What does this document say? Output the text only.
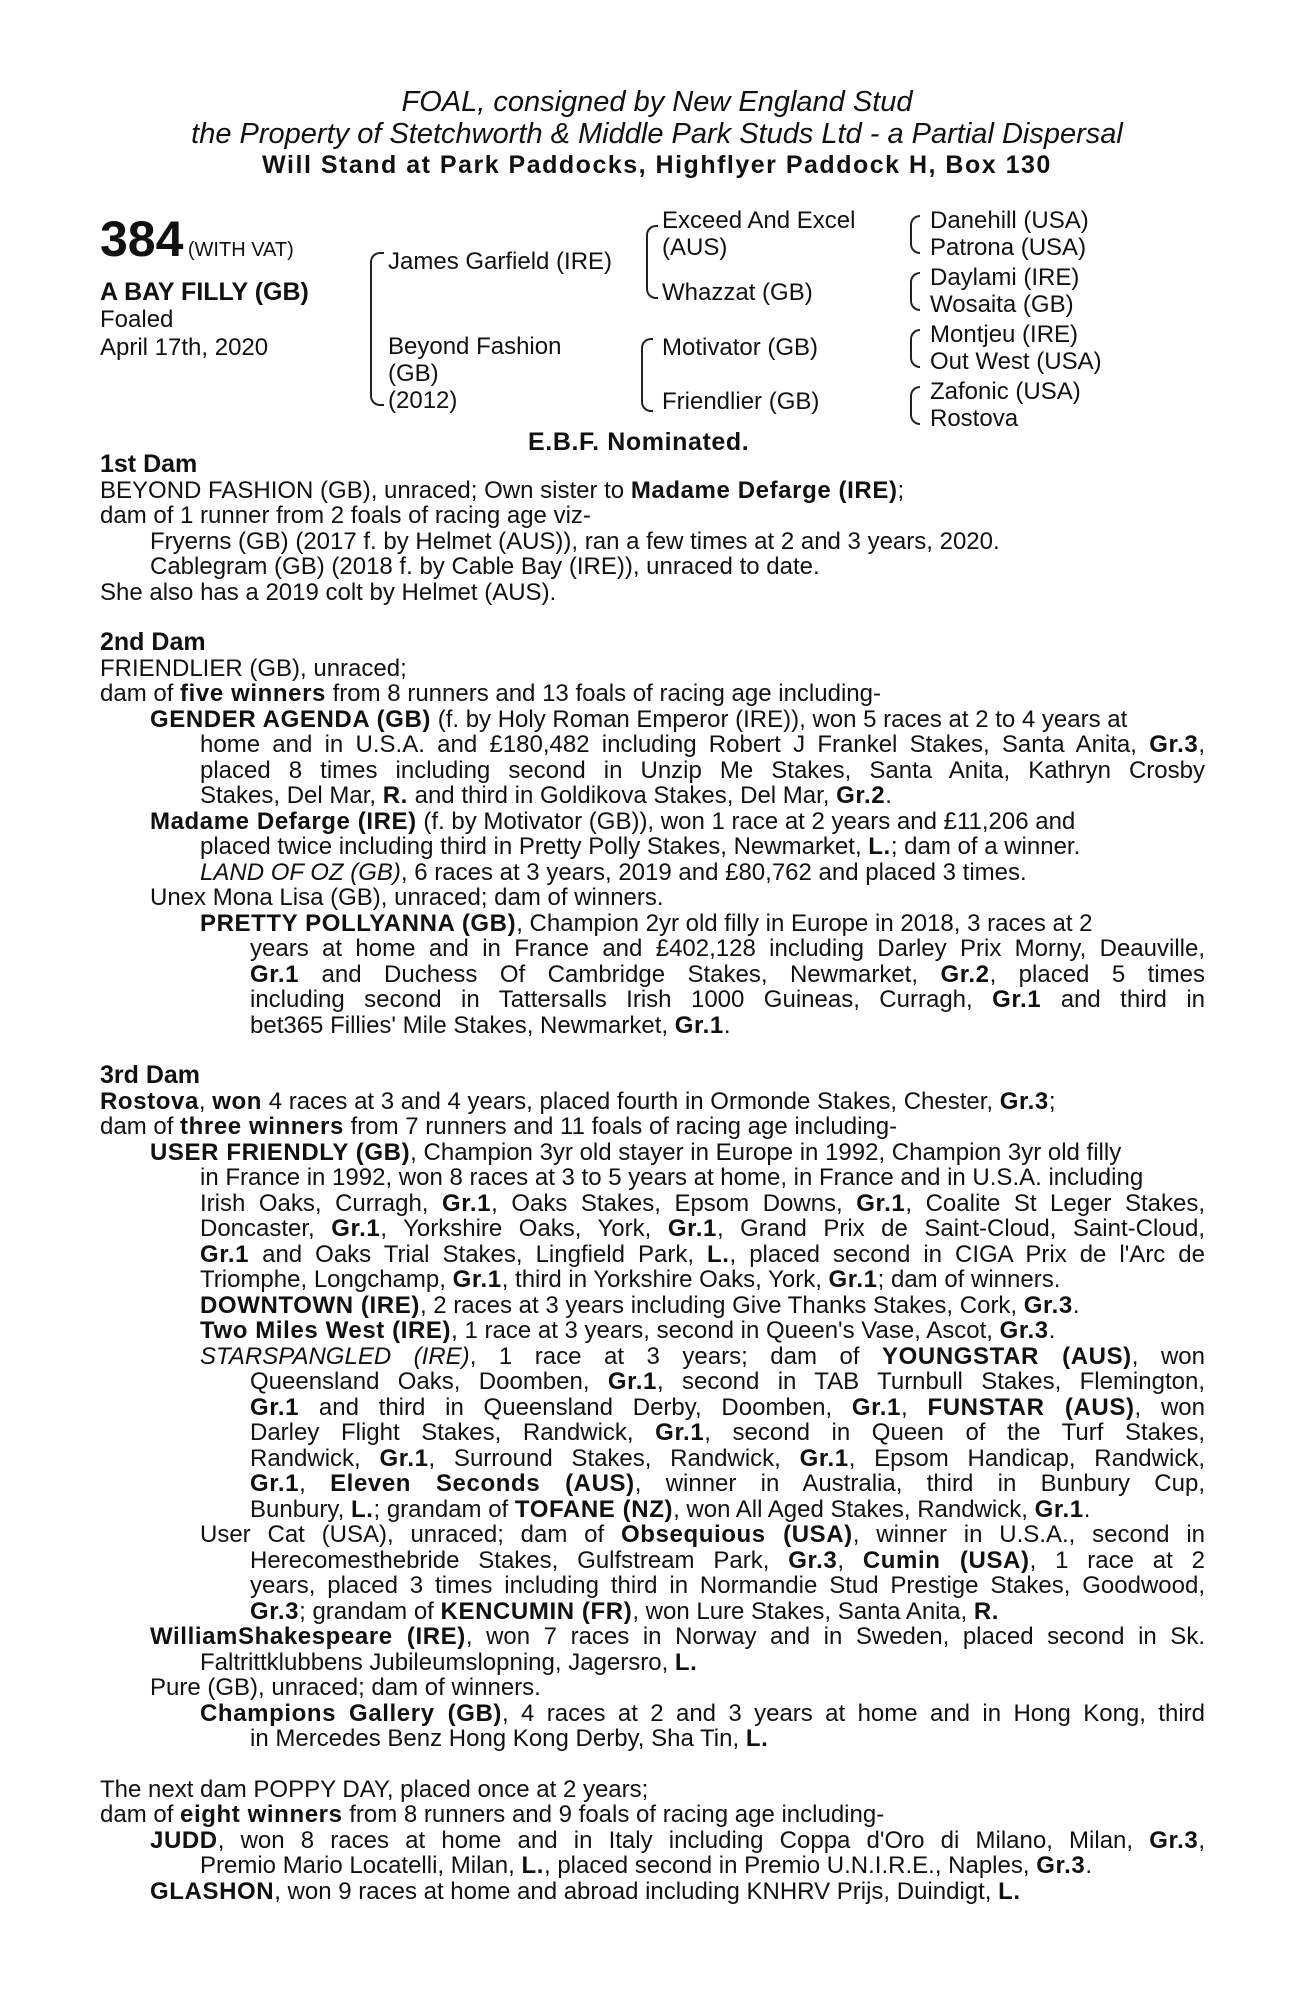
FOAL, consigned by New England Stud
the Property of Stetchworth & Middle Park Studs Ltd - a Partial Dispersal
Will Stand at Park Paddocks, Highflyer Paddock H, Box 130
384 (WITH VAT)
A BAY FILLY (GB)
Foaled
April 17th, 2020
James Garfield (IRE)
Beyond Fashion
(GB)
(2012)
Exceed And Excel
(AUS)
Whazzat (GB)
Motivator (GB)
Friendlier (GB)
Danehill (USA)
Patrona (USA)
Daylami (IRE)
Wosaita (GB)
Montjeu (IRE)
Out West (USA)
Zafonic (USA)
Rostova
E.B.F. Nominated.
1st Dam
BEYOND FASHION (GB), unraced; Own sister to Madame Defarge (IRE);
dam of 1 runner from 2 foals of racing age viz-
Fryerns (GB) (2017 f. by Helmet (AUS)), ran a few times at 2 and 3 years, 2020.
Cablegram (GB) (2018 f. by Cable Bay (IRE)), unraced to date.
She also has a 2019 colt by Helmet (AUS).
2nd Dam
FRIENDLIER (GB), unraced;
dam of five winners from 8 runners and 13 foals of racing age including-
GENDER AGENDA (GB) (f. by Holy Roman Emperor (IRE)), won 5 races at 2 to 4 years at
home and in U.S.A. and £180,482 including Robert J Frankel Stakes, Santa Anita, Gr.3,
placed 8 times including second in Unzip Me Stakes, Santa Anita, Kathryn Crosby
Stakes, Del Mar, R. and third in Goldikova Stakes, Del Mar, Gr.2.
Madame Defarge (IRE) (f. by Motivator (GB)), won 1 race at 2 years and £11,206 and
placed twice including third in Pretty Polly Stakes, Newmarket, L.; dam of a winner.
LAND OF OZ (GB), 6 races at 3 years, 2019 and £80,762 and placed 3 times.
Unex Mona Lisa (GB), unraced; dam of winners.
PRETTY POLLYANNA (GB), Champion 2yr old filly in Europe in 2018, 3 races at 2
years at home and in France and £402,128 including Darley Prix Morny, Deauville,
Gr.1 and Duchess Of Cambridge Stakes, Newmarket, Gr.2, placed 5 times
including second in Tattersalls Irish 1000 Guineas, Curragh, Gr.1 and third in
bet365 Fillies' Mile Stakes, Newmarket, Gr.1.
3rd Dam
Rostova, won 4 races at 3 and 4 years, placed fourth in Ormonde Stakes, Chester, Gr.3;
dam of three winners from 7 runners and 11 foals of racing age including-
USER FRIENDLY (GB), Champion 3yr old stayer in Europe in 1992, Champion 3yr old filly
in France in 1992, won 8 races at 3 to 5 years at home, in France and in U.S.A. including
Irish Oaks, Curragh, Gr.1, Oaks Stakes, Epsom Downs, Gr.1, Coalite St Leger Stakes,
Doncaster, Gr.1, Yorkshire Oaks, York, Gr.1, Grand Prix de Saint-Cloud, Saint-Cloud,
Gr.1 and Oaks Trial Stakes, Lingfield Park, L., placed second in CIGA Prix de l'Arc de
Triomphe, Longchamp, Gr.1, third in Yorkshire Oaks, York, Gr.1; dam of winners.
DOWNTOWN (IRE), 2 races at 3 years including Give Thanks Stakes, Cork, Gr.3.
Two Miles West (IRE), 1 race at 3 years, second in Queen's Vase, Ascot, Gr.3.
STARSPANGLED (IRE), 1 race at 3 years; dam of YOUNGSTAR (AUS), won
Queensland Oaks, Doomben, Gr.1, second in TAB Turnbull Stakes, Flemington,
Gr.1 and third in Queensland Derby, Doomben, Gr.1, FUNSTAR (AUS), won
Darley Flight Stakes, Randwick, Gr.1, second in Queen of the Turf Stakes,
Randwick, Gr.1, Surround Stakes, Randwick, Gr.1, Epsom Handicap, Randwick,
Gr.1, Eleven Seconds (AUS), winner in Australia, third in Bunbury Cup,
Bunbury, L.; grandam of TOFANE (NZ), won All Aged Stakes, Randwick, Gr.1.
User Cat (USA), unraced; dam of Obsequious (USA), winner in U.S.A., second in
Herecomesthebride Stakes, Gulfstream Park, Gr.3, Cumin (USA), 1 race at 2
years, placed 3 times including third in Normandie Stud Prestige Stakes, Goodwood,
Gr.3; grandam of KENCUMIN (FR), won Lure Stakes, Santa Anita, R.
WilliamShakespeare (IRE), won 7 races in Norway and in Sweden, placed second in Sk.
Faltrittklubbens Jubileumslopning, Jagersro, L.
Pure (GB), unraced; dam of winners.
Champions Gallery (GB), 4 races at 2 and 3 years at home and in Hong Kong, third
in Mercedes Benz Hong Kong Derby, Sha Tin, L.
The next dam POPPY DAY, placed once at 2 years;
dam of eight winners from 8 runners and 9 foals of racing age including-
JUDD, won 8 races at home and in Italy including Coppa d'Oro di Milano, Milan, Gr.3,
Premio Mario Locatelli, Milan, L., placed second in Premio U.N.I.R.E., Naples, Gr.3.
GLASHON, won 9 races at home and abroad including KNHRV Prijs, Duindigt, L.
